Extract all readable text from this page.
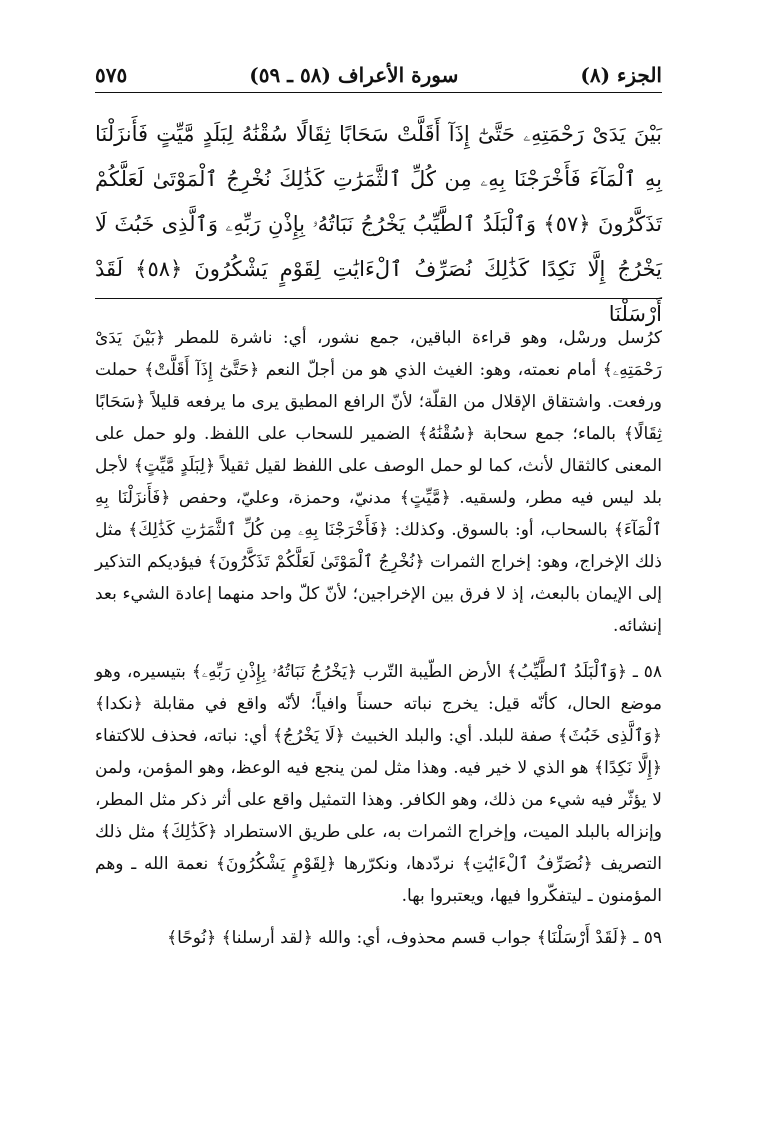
الجزء (٨)
سورة الأعراف (٥٨ ـ ٥٩)
٥٧٥
بَيْنَ يَدَىْ رَحْمَتِهِۦ حَتَّىٰٓ إِذَآ أَقَلَّتْ سَحَابًا ثِقَالًا سُقْنَٰهُ لِبَلَدٍ مَّيِّتٍ فَأَنزَلْنَا بِهِ ٱلْمَآءَ فَأَخْرَجْنَا بِهِۦ مِن كُلِّ ٱلثَّمَرَٰتِ كَذَٰلِكَ نُخْرِجُ ٱلْمَوْتَىٰ لَعَلَّكُمْ تَذَكَّرُونَ ﴿٥٧﴾ وَٱلْبَلَدُ ٱلطَّيِّبُ يَخْرُجُ نَبَاتُهُۥ بِإِذْنِ رَبِّهِۦ وَٱلَّذِى خَبُثَ لَا يَخْرُجُ إِلَّا نَكِدًا كَذَٰلِكَ نُصَرِّفُ ٱلْءَايَٰتِ لِقَوْمٍ يَشْكُرُونَ ﴿٥٨﴾ لَقَدْ أَرْسَلْنَا

كرُسل ورسْل، وهو قراءة الباقين، جمع نشور، أي: ناشرة للمطر ﴿بَيْنَ يَدَىْ رَحْمَتِهِۦ﴾ أمام نعمته، وهو: الغيث الذي هو من أجلّ النعم ﴿حَتَّىٰٓ إِذَآ أَقَلَّتْ﴾ حملت ورفعت. واشتقاق الإقلال من القلّة؛ لأنّ الرافع المطيق يرى ما يرفعه قليلاً ﴿سَحَابًا ثِقَالًا﴾ بالماء؛ جمع سحابة ﴿سُقْنَٰهُ﴾ الضمير للسحاب على اللفظ. ولو حمل على المعنى كالثقال لأنث، كما لو حمل الوصف على اللفظ لقيل ثقيلاً ﴿لِبَلَدٍ مَّيِّتٍ﴾ لأجل بلد ليس فيه مطر، ولسقيه. ﴿مَّيِّتٍ﴾ مدنيّ، وحمزة، وعليّ، وحفص ﴿فَأَنزَلْنَا بِهِ ٱلْمَآءَ﴾ بالسحاب، أو: بالسوق. وكذلك: ﴿فَأَخْرَجْنَا بِهِۦ مِن كُلِّ ٱلثَّمَرَٰتِ كَذَٰلِكَ﴾ مثل ذلك الإخراج، وهو: إخراج الثمرات ﴿نُخْرِجُ ٱلْمَوْتَىٰ لَعَلَّكُمْ تَذَكَّرُونَ﴾ فيؤديكم التذكير إلى الإيمان بالبعث، إذ لا فرق بين الإخراجين؛ لأنّ كلّ واحد منهما إعادة الشيء بعد إنشائه.

٥٨ ـ ﴿وَٱلْبَلَدُ ٱلطَّيِّبُ﴾ الأرض الطّيبة التّرب ﴿يَخْرُجُ نَبَاتُهُۥ بِإِذْنِ رَبِّهِۦ﴾ بتيسيره، وهو موضع الحال، كأنّه قيل: يخرج نباته حسناً وافياً؛ لأنّه واقع في مقابلة ﴿نكدا﴾ ﴿وَٱلَّذِى خَبُثَ﴾ صفة للبلد. أي: والبلد الخبيث ﴿لَا يَخْرُجُ﴾ أي: نباته، فحذف للاكتفاء ﴿إِلَّا نَكِدًا﴾ هو الذي لا خير فيه. وهذا مثل لمن ينجع فيه الوعظ، وهو المؤمن، ولمن لا يؤثّر فيه شيء من ذلك، وهو الكافر. وهذا التمثيل واقع على أثر ذكر مثل المطر، وإنزاله بالبلد الميت، وإخراج الثمرات به، على طريق الاستطراد ﴿كَذَٰلِكَ﴾ مثل ذلك التصريف ﴿نُصَرِّفُ ٱلْءَايَٰتِ﴾ نردّدها، ونكرّرها ﴿لِقَوْمٍ يَشْكُرُونَ﴾ نعمة الله ـ وهم المؤمنون ـ ليتفكّروا فيها، ويعتبروا بها.

٥٩ ـ ﴿لَقَدْ أَرْسَلْنَا﴾ جواب قسم محذوف، أي: والله ﴿لقد أرسلنا﴾ ﴿نُوحًا﴾
